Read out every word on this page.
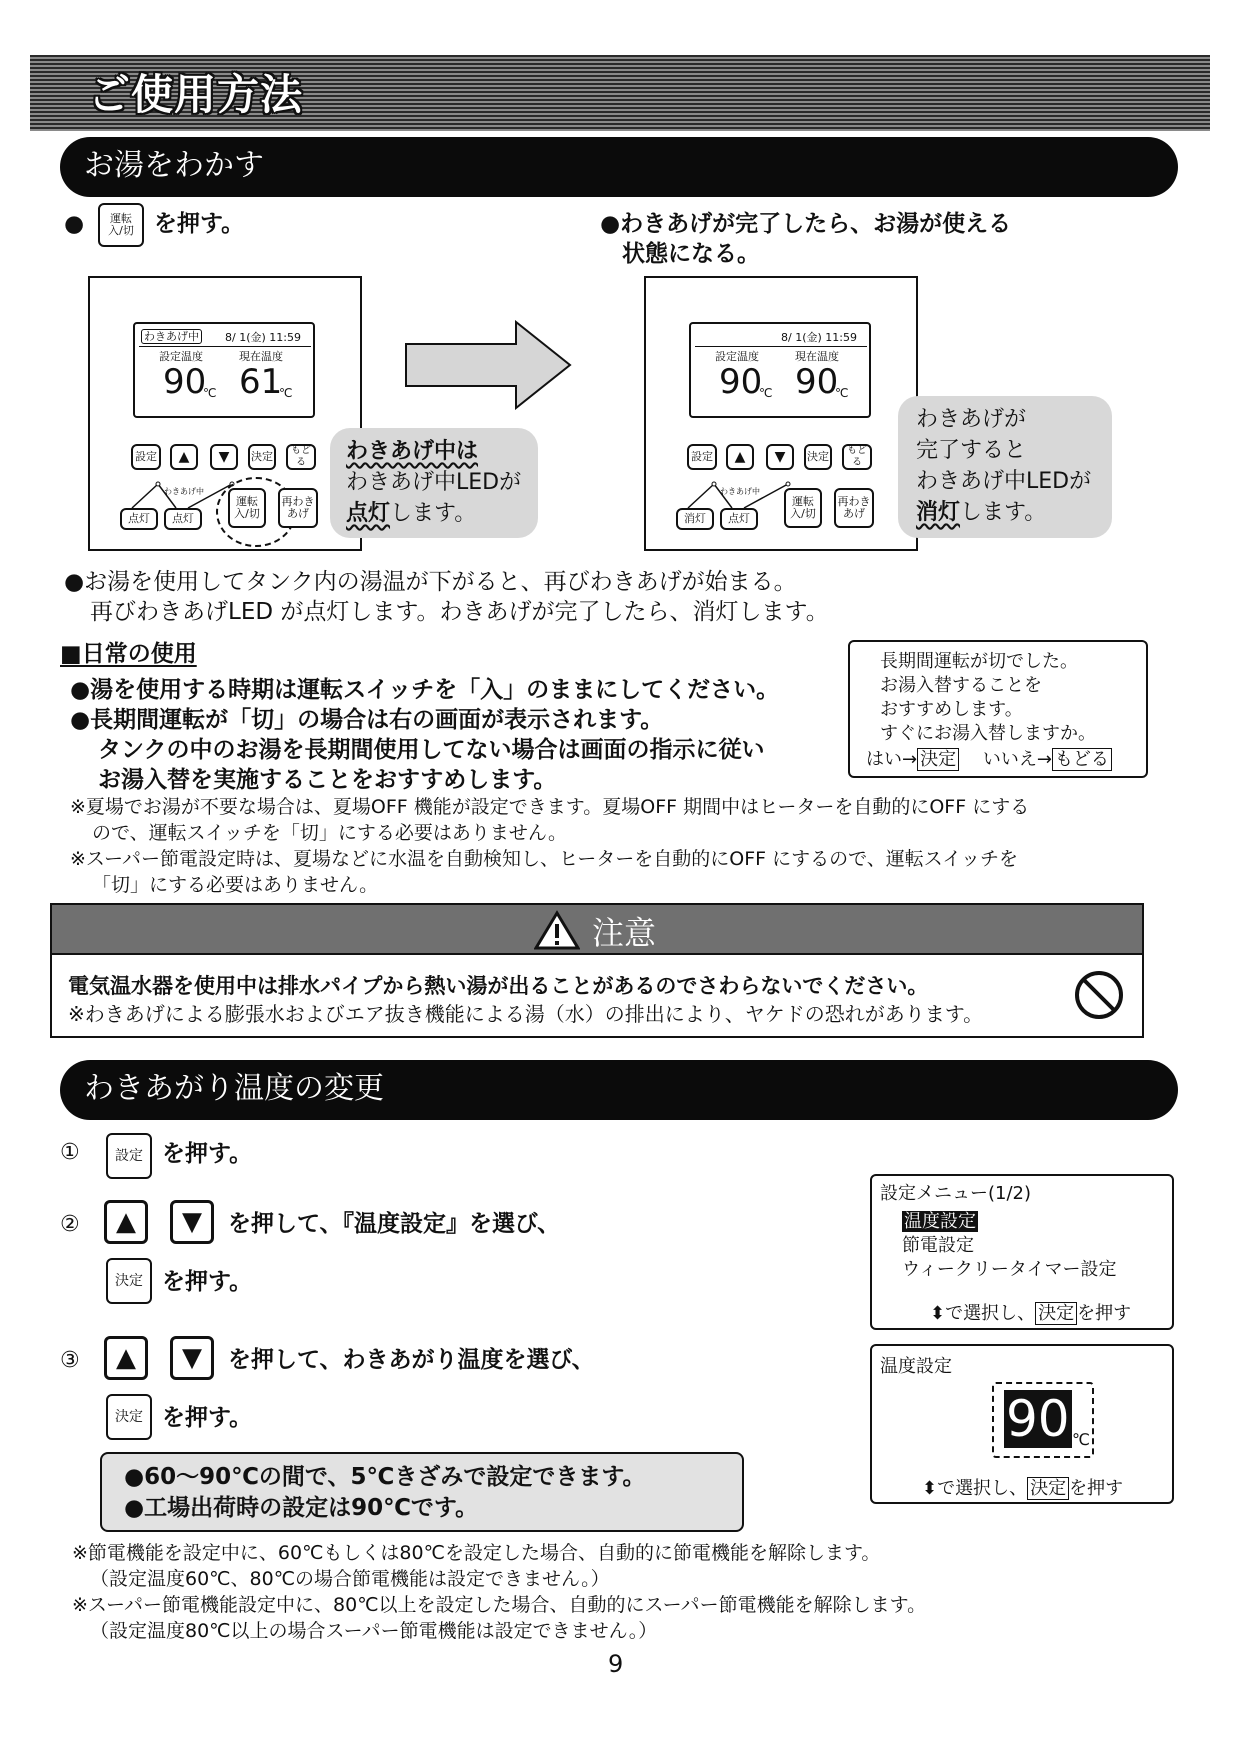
ご使用方法
お湯をわかす
● 運転
入/切 を押す。	●わきあげが完了したら、お湯が使える
状態になる。
わきあげ中 8/ 1(金) 11:59
設定温度	現在温度
90
℃ 61
℃
設定 ▲ ▼ 決定	もどる
わきあげ中
点灯	点灯
運転
入/切
再わき
あげ
わきあげ中は
わきあげ中LEDが
点灯します。
8/ 1(金) 11:59
設定温度	現在温度
90
℃ 90
℃
設定 ▲ ▼ 決定	もどる
わきあげ中
消灯	点灯
運転
入/切
再わき
あげ
わきあげが
完了すると
わきあげ中LEDが
消灯します。
●お湯を使用してタンク内の湯温が下がると、再びわきあげが始まる。
再びわきあげLED が点灯します。わきあげが完了したら、消灯します。
■日常の使用
●湯を使用する時期は運転スイッチを「入」のままにしてください。
●長期間運転が「切」の場合は右の画面が表示されます。
タンクの中のお湯を長期間使用してない場合は画面の指示に従い
お湯入替を実施することをおすすめします。
長期間運転が切でした。
お湯入替することを
おすすめします。
すぐにお湯入替しますか。
はい→ 決定 いいえ→ もどる
※夏場でお湯が不要な場合は、夏場OFF 機能が設定できます。夏場OFF 期間中はヒーターを自動的にOFF にする
ので、運転スイッチを「切」にする必要はありません。
※スーパー節電設定時は、夏場などに水温を自動検知し、ヒーターを自動的にOFF にするので、運転スイッチを
「切」にする必要はありません。
注意
電気温水器を使用中は排水パイプから熱い湯が出ることがあるのでさわらないでください。
※わきあげによる膨張水およびエア抜き機能による湯（水）の排出により、ヤケドの恐れがあります。
わきあがり温度の変更
①	設定 を押す。
② ▲ ▼ を押して、『温度設定』を選び、
決定 を押す。
③ ▲ ▼ を押して、わきあがり温度を選び、
決定 を押す。
●60～90℃の間で、5℃きざみで設定できます。
●工場出荷時の設定は90℃です。
設定メニュー(1/2)
温度設定
節電設定
ウィークリータイマー設定
⬍で選択し、 決定 を押す
温度設定
90 ℃
⬍で選択し、 決定 を押す
※節電機能を設定中に、60℃もしくは80℃を設定した場合、自動的に節電機能を解除します。
（設定温度60℃、80℃の場合節電機能は設定できません。）
※スーパー節電機能設定中に、80℃以上を設定した場合、自動的にスーパー節電機能を解除します。
（設定温度80℃以上の場合スーパー節電機能は設定できません。）
9
